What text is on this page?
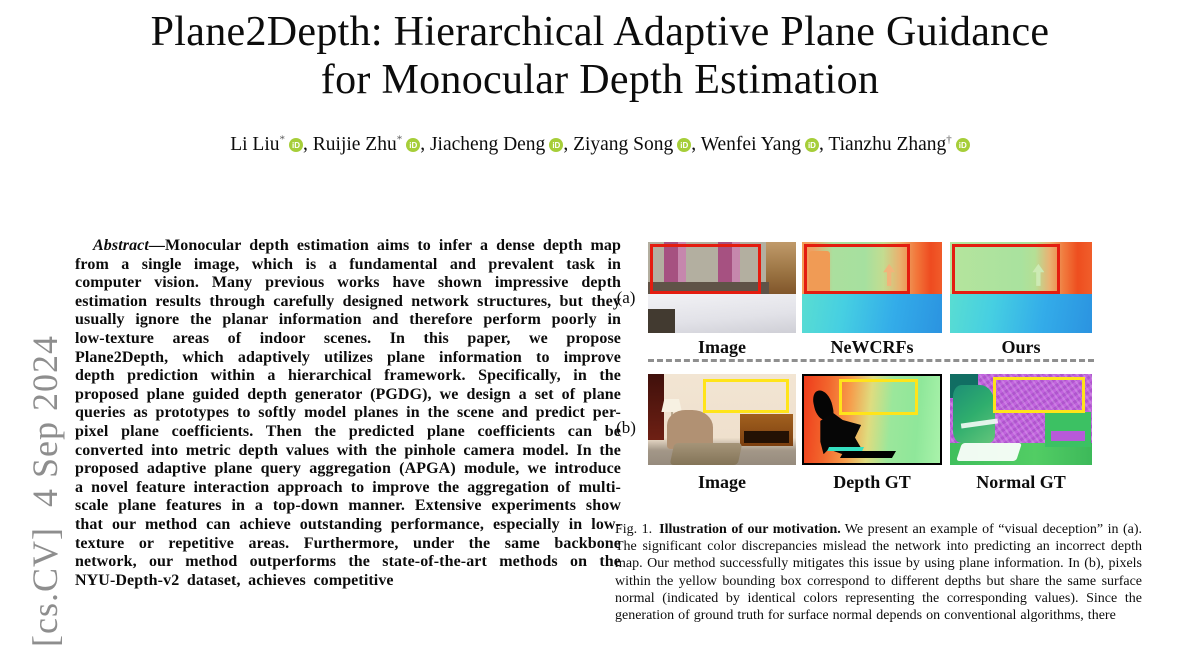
[cs.CV]  4 Sep 2024
Plane2Depth: Hierarchical Adaptive Plane Guidance
for Monocular Depth Estimation
Li Liu* iD , Ruijie Zhu* iD , Jiacheng Deng iD , Ziyang Song iD , Wenfei Yang iD , Tianzhu Zhang† iD

Abstract—Monocular depth estimation aims to infer a dense depth map from a single image, which is a fundamental and prevalent task in computer vision. Many previous works have shown impressive depth estimation results through carefully designed network structures, but they usually ignore the planar information and therefore perform poorly in low-texture areas of indoor scenes. In this paper, we propose Plane2Depth, which adaptively utilizes plane information to improve depth prediction within a hierarchical framework. Specifically, in the proposed plane guided depth generator (PGDG), we design a set of plane queries as prototypes to softly model planes in the scene and predict per-pixel plane coefficients. Then the predicted plane coefficients can be converted into metric depth values with the pinhole camera model. In the proposed adaptive plane query aggregation (APGA) module, we introduce a novel feature interaction approach to improve the aggregation of multi-scale plane features in a top-down manner. Extensive experiments show that our method can achieve outstanding performance, especially in low-texture or repetitive areas. Furthermore, under the same backbone network, our method outperforms the state-of-the-art methods on the NYU-Depth-v2 dataset, achieves competitive

(a)
Image	NeWCRFs	Ours
(b)
Image	Depth GT	Normal GT
Fig. 1. Illustration of our motivation. We present an example of “visual deception” in (a). The significant color discrepancies mislead the network into predicting an incorrect depth map. Our method successfully mitigates this issue by using plane information. In (b), pixels within the yellow bounding box correspond to different depths but share the same surface normal (indicated by identical colors representing the corresponding values). Since the generation of ground truth for surface normal depends on conventional algorithms, there
